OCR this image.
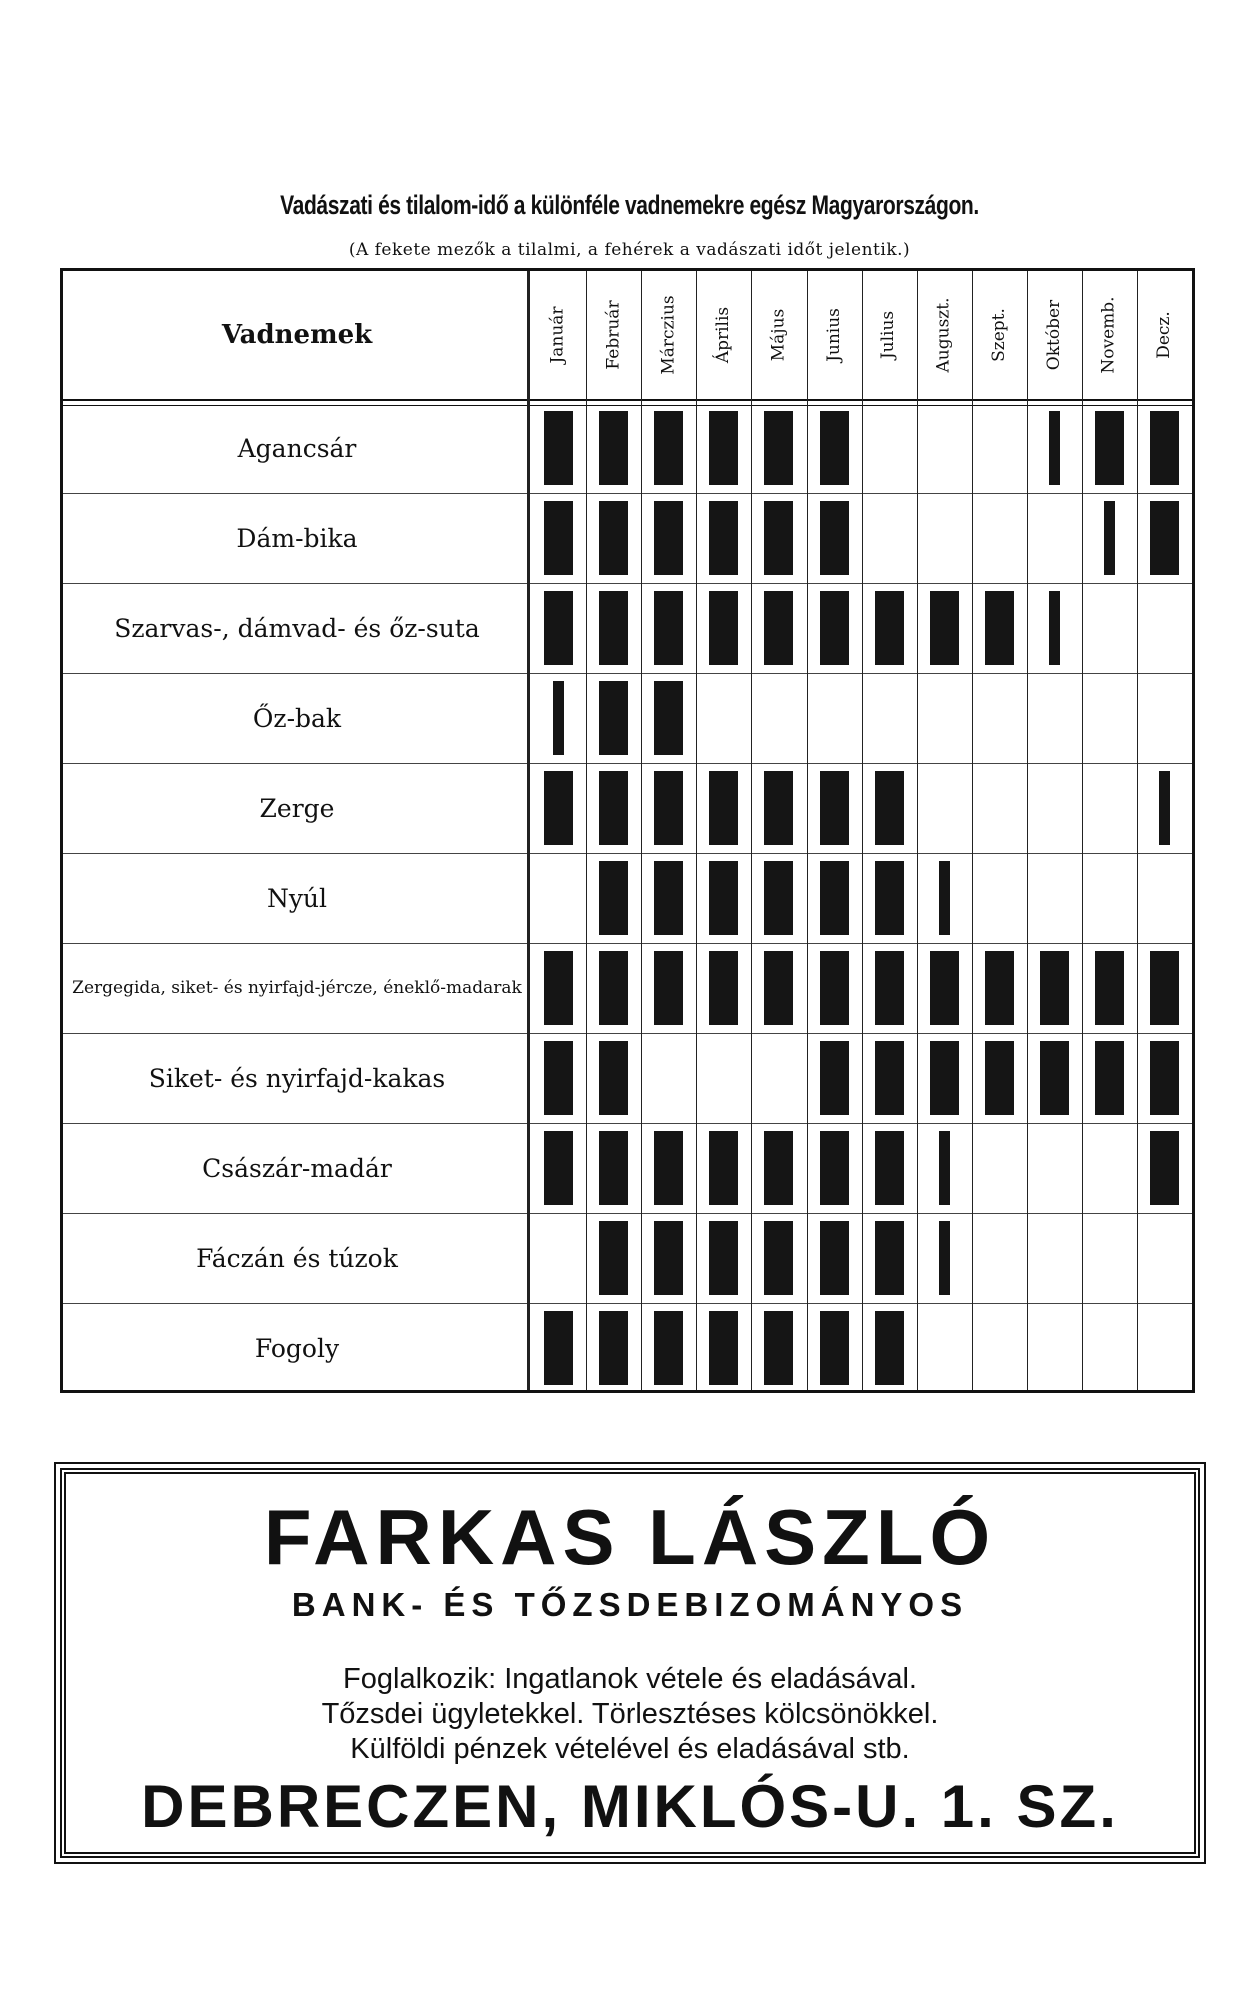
Vadászati és tilalom-idő a különféle vadnemekre egész Magyarországon.
(A fekete mezők a tilalmi, a fehérek a vadászati időt jelentik.)
Vadnemek	Január Február Márczius Április Május Junius Julius Auguszt. Szept. Október Novemb. Decz.
Agancsár
Dám-bika
Szarvas-, dámvad- és őz-suta
Őz-bak
Zerge
Nyúl
Zergegida, siket- és nyirfajd-jércze, éneklő-madarak
Siket- és nyirfajd-kakas
Császár-madár
Fáczán és túzok
Fogoly
FARKAS LÁSZLÓ
BANK- ÉS TŐZSDEBIZOMÁNYOS
Foglalkozik: Ingatlanok vétele és eladásával.
Tőzsdei ügyletekkel. Törlesztéses kölcsönökkel.
Külföldi pénzek vételével és eladásával stb.
DEBRECZEN, MIKLÓS-U. 1. SZ.
